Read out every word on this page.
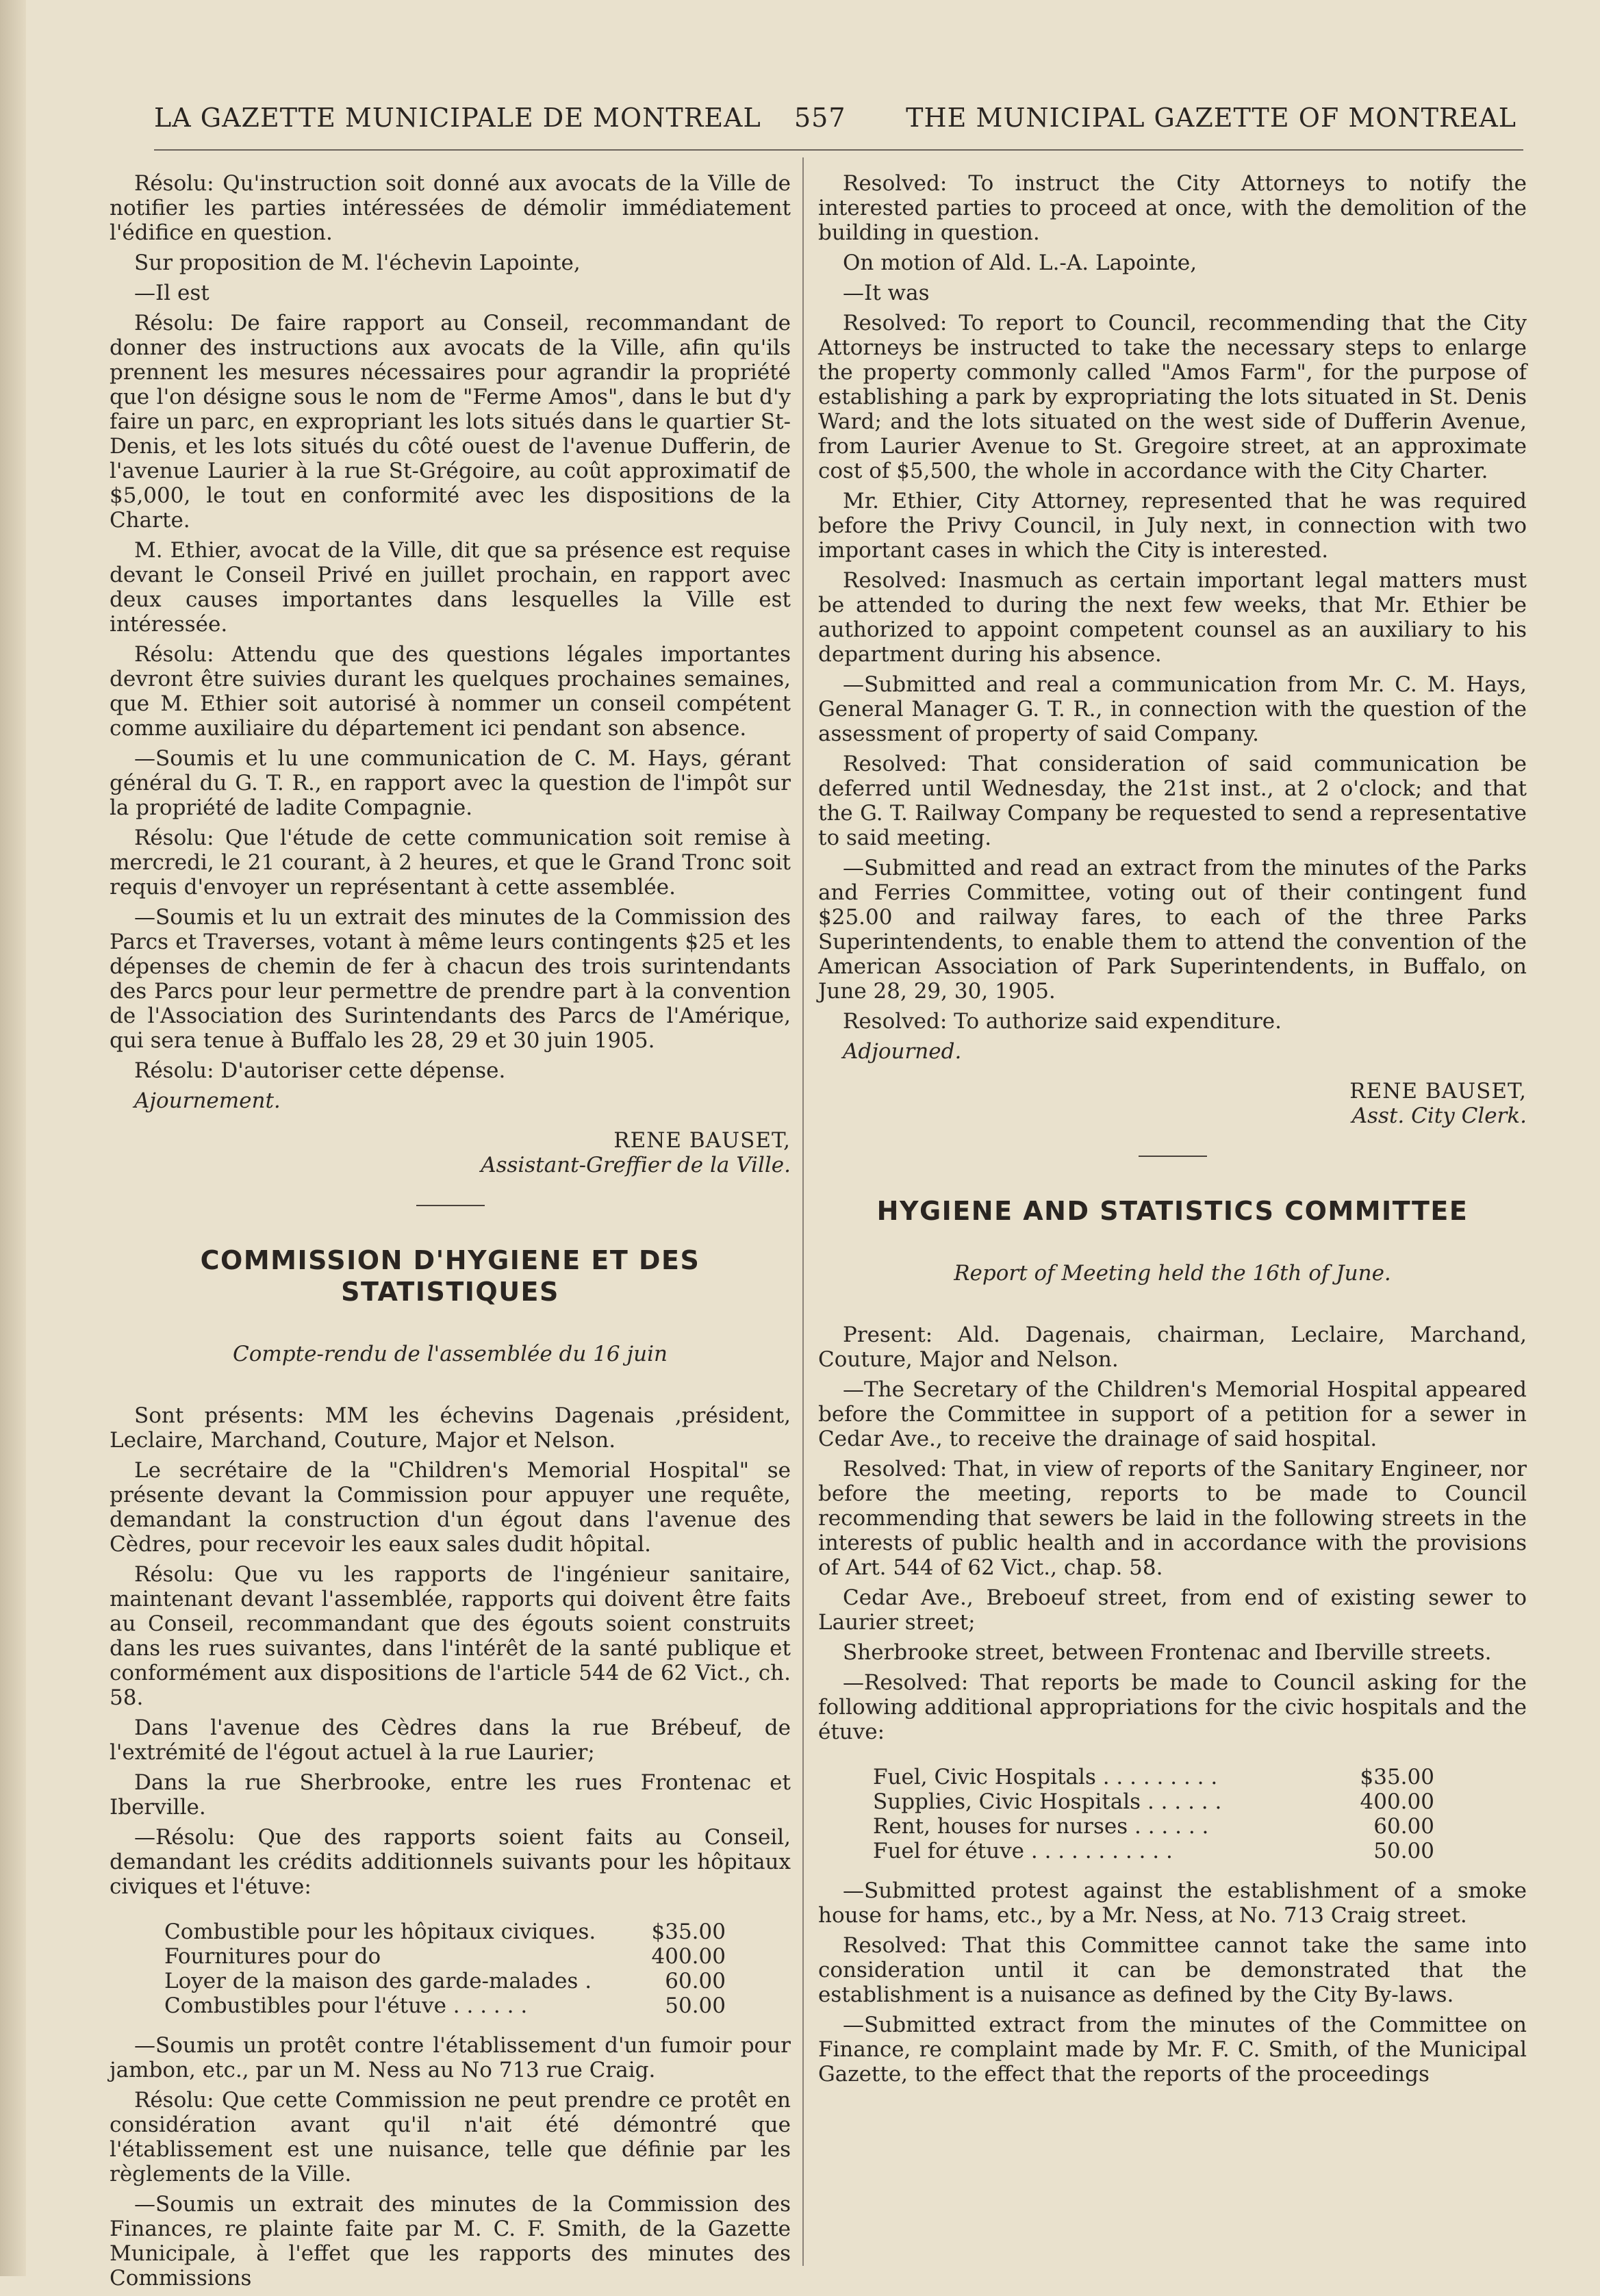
LA GAZETTE MUNICIPALE DE MONTREAL 557 THE MUNICIPAL GAZETTE OF MONTREAL

Résolu: Qu'instruction soit donné aux avocats de la Ville de notifier les parties intéressées de démolir immédiatement l'édifice en question.

Sur proposition de M. l'échevin Lapointe,

—Il est

Résolu: De faire rapport au Conseil, recommandant de donner des instructions aux avocats de la Ville, afin qu'ils prennent les mesures nécessaires pour agrandir la propriété que l'on désigne sous le nom de "Ferme Amos", dans le but d'y faire un parc, en expropriant les lots situés dans le quartier St-Denis, et les lots situés du côté ouest de l'avenue Dufferin, de l'avenue Laurier à la rue St-Grégoire, au coût approximatif de $5,000, le tout en conformité avec les dispositions de la Charte.

M. Ethier, avocat de la Ville, dit que sa présence est requise devant le Conseil Privé en juillet prochain, en rapport avec deux causes importantes dans lesquelles la Ville est intéressée.

Résolu: Attendu que des questions légales importantes devront être suivies durant les quelques prochaines semaines, que M. Ethier soit autorisé à nommer un conseil compétent comme auxiliaire du département ici pendant son absence.

—Soumis et lu une communication de C. M. Hays, gérant général du G. T. R., en rapport avec la question de l'impôt sur la propriété de ladite Compagnie.

Résolu: Que l'étude de cette communication soit remise à mercredi, le 21 courant, à 2 heures, et que le Grand Tronc soit requis d'envoyer un représentant à cette assemblée.

—Soumis et lu un extrait des minutes de la Commission des Parcs et Traverses, votant à même leurs contingents $25 et les dépenses de chemin de fer à chacun des trois surintendants des Parcs pour leur permettre de prendre part à la convention de l'Association des Surintendants des Parcs de l'Amérique, qui sera tenue à Buffalo les 28, 29 et 30 juin 1905.

Résolu: D'autoriser cette dépense.

Ajournement.

RENE BAUSET,
Assistant-Greffier de la Ville.
COMMISSION D'HYGIENE ET DES STATISTIQUES
Compte-rendu de l'assemblée du 16 juin

Sont présents: MM les échevins Dagenais ,président, Leclaire, Marchand, Couture, Major et Nelson.

Le secrétaire de la "Children's Memorial Hospital" se présente devant la Commission pour appuyer une requête, demandant la construction d'un égout dans l'avenue des Cèdres, pour recevoir les eaux sales dudit hôpital.

Résolu: Que vu les rapports de l'ingénieur sanitaire, maintenant devant l'assemblée, rapports qui doivent être faits au Conseil, recommandant que des égouts soient construits dans les rues suivantes, dans l'intérêt de la santé publique et conformément aux dispositions de l'article 544 de 62 Vict., ch. 58.

Dans l'avenue des Cèdres dans la rue Brébeuf, de l'extrémité de l'égout actuel à la rue Laurier;

Dans la rue Sherbrooke, entre les rues Frontenac et Iberville.

—Résolu: Que des rapports soient faits au Conseil, demandant les crédits additionnels suivants pour les hôpitaux civiques et l'étuve:

Combustible pour les hôpitaux civiques.	$35.00
Fournitures pour do	400.00
Loyer de la maison des garde-malades .	60.00
Combustibles pour l'étuve . . . . . .	50.00

—Soumis un protêt contre l'établissement d'un fumoir pour jambon, etc., par un M. Ness au No 713 rue Craig.

Résolu: Que cette Commission ne peut prendre ce protêt en considération avant qu'il n'ait été démontré que l'établissement est une nuisance, telle que définie par les règlements de la Ville.

—Soumis un extrait des minutes de la Commission des Finances, re plainte faite par M. C. F. Smith, de la Gazette Municipale, à l'effet que les rapports des minutes des Commissions

Resolved: To instruct the City Attorneys to notify the interested parties to proceed at once, with the demolition of the building in question.

On motion of Ald. L.-A. Lapointe,

—It was

Resolved: To report to Council, recommending that the City Attorneys be instructed to take the necessary steps to enlarge the property commonly called "Amos Farm", for the purpose of establishing a park by expropriating the lots situated in St. Denis Ward; and the lots situated on the west side of Dufferin Avenue, from Laurier Avenue to St. Gregoire street, at an approximate cost of $5,500, the whole in accordance with the City Charter.

Mr. Ethier, City Attorney, represented that he was required before the Privy Council, in July next, in connection with two important cases in which the City is interested.

Resolved: Inasmuch as certain important legal matters must be attended to during the next few weeks, that Mr. Ethier be authorized to appoint competent counsel as an auxiliary to his department during his absence.

—Submitted and real a communication from Mr. C. M. Hays, General Manager G. T. R., in connection with the question of the assessment of property of said Company.

Resolved: That consideration of said communication be deferred until Wednesday, the 21st inst., at 2 o'clock; and that the G. T. Railway Company be requested to send a representative to said meeting.

—Submitted and read an extract from the minutes of the Parks and Ferries Committee, voting out of their contingent fund $25.00 and railway fares, to each of the three Parks Superintendents, to enable them to attend the convention of the American Association of Park Superintendents, in Buffalo, on June 28, 29, 30, 1905.

Resolved: To authorize said expenditure.

Adjourned.

RENE BAUSET,
Asst. City Clerk.
HYGIENE AND STATISTICS COMMITTEE
Report of Meeting held the 16th of June.

Present: Ald. Dagenais, chairman, Leclaire, Marchand, Couture, Major and Nelson.

—The Secretary of the Children's Memorial Hospital appeared before the Committee in support of a petition for a sewer in Cedar Ave., to receive the drainage of said hospital.

Resolved: That, in view of reports of the Sanitary Engineer, nor before the meeting, reports to be made to Council recommending that sewers be laid in the following streets in the interests of public health and in accordance with the provisions of Art. 544 of 62 Vict., chap. 58.

Cedar Ave., Breboeuf street, from end of existing sewer to Laurier street;

Sherbrooke street, between Frontenac and Iberville streets.

—Resolved: That reports be made to Council asking for the following additional appropriations for the civic hospitals and the étuve:

Fuel, Civic Hospitals . . . . . . . . .	$35.00
Supplies, Civic Hospitals . . . . . .	400.00
Rent, houses for nurses . . . . . .	60.00
Fuel for étuve . . . . . . . . . . .	50.00

—Submitted protest against the establishment of a smoke house for hams, etc., by a Mr. Ness, at No. 713 Craig street.

Resolved: That this Committee cannot take the same into consideration until it can be demonstrated that the establishment is a nuisance as defined by the City By-laws.

—Submitted extract from the minutes of the Committee on Finance, re complaint made by Mr. F. C. Smith, of the Municipal Gazette, to the effect that the reports of the proceedings
